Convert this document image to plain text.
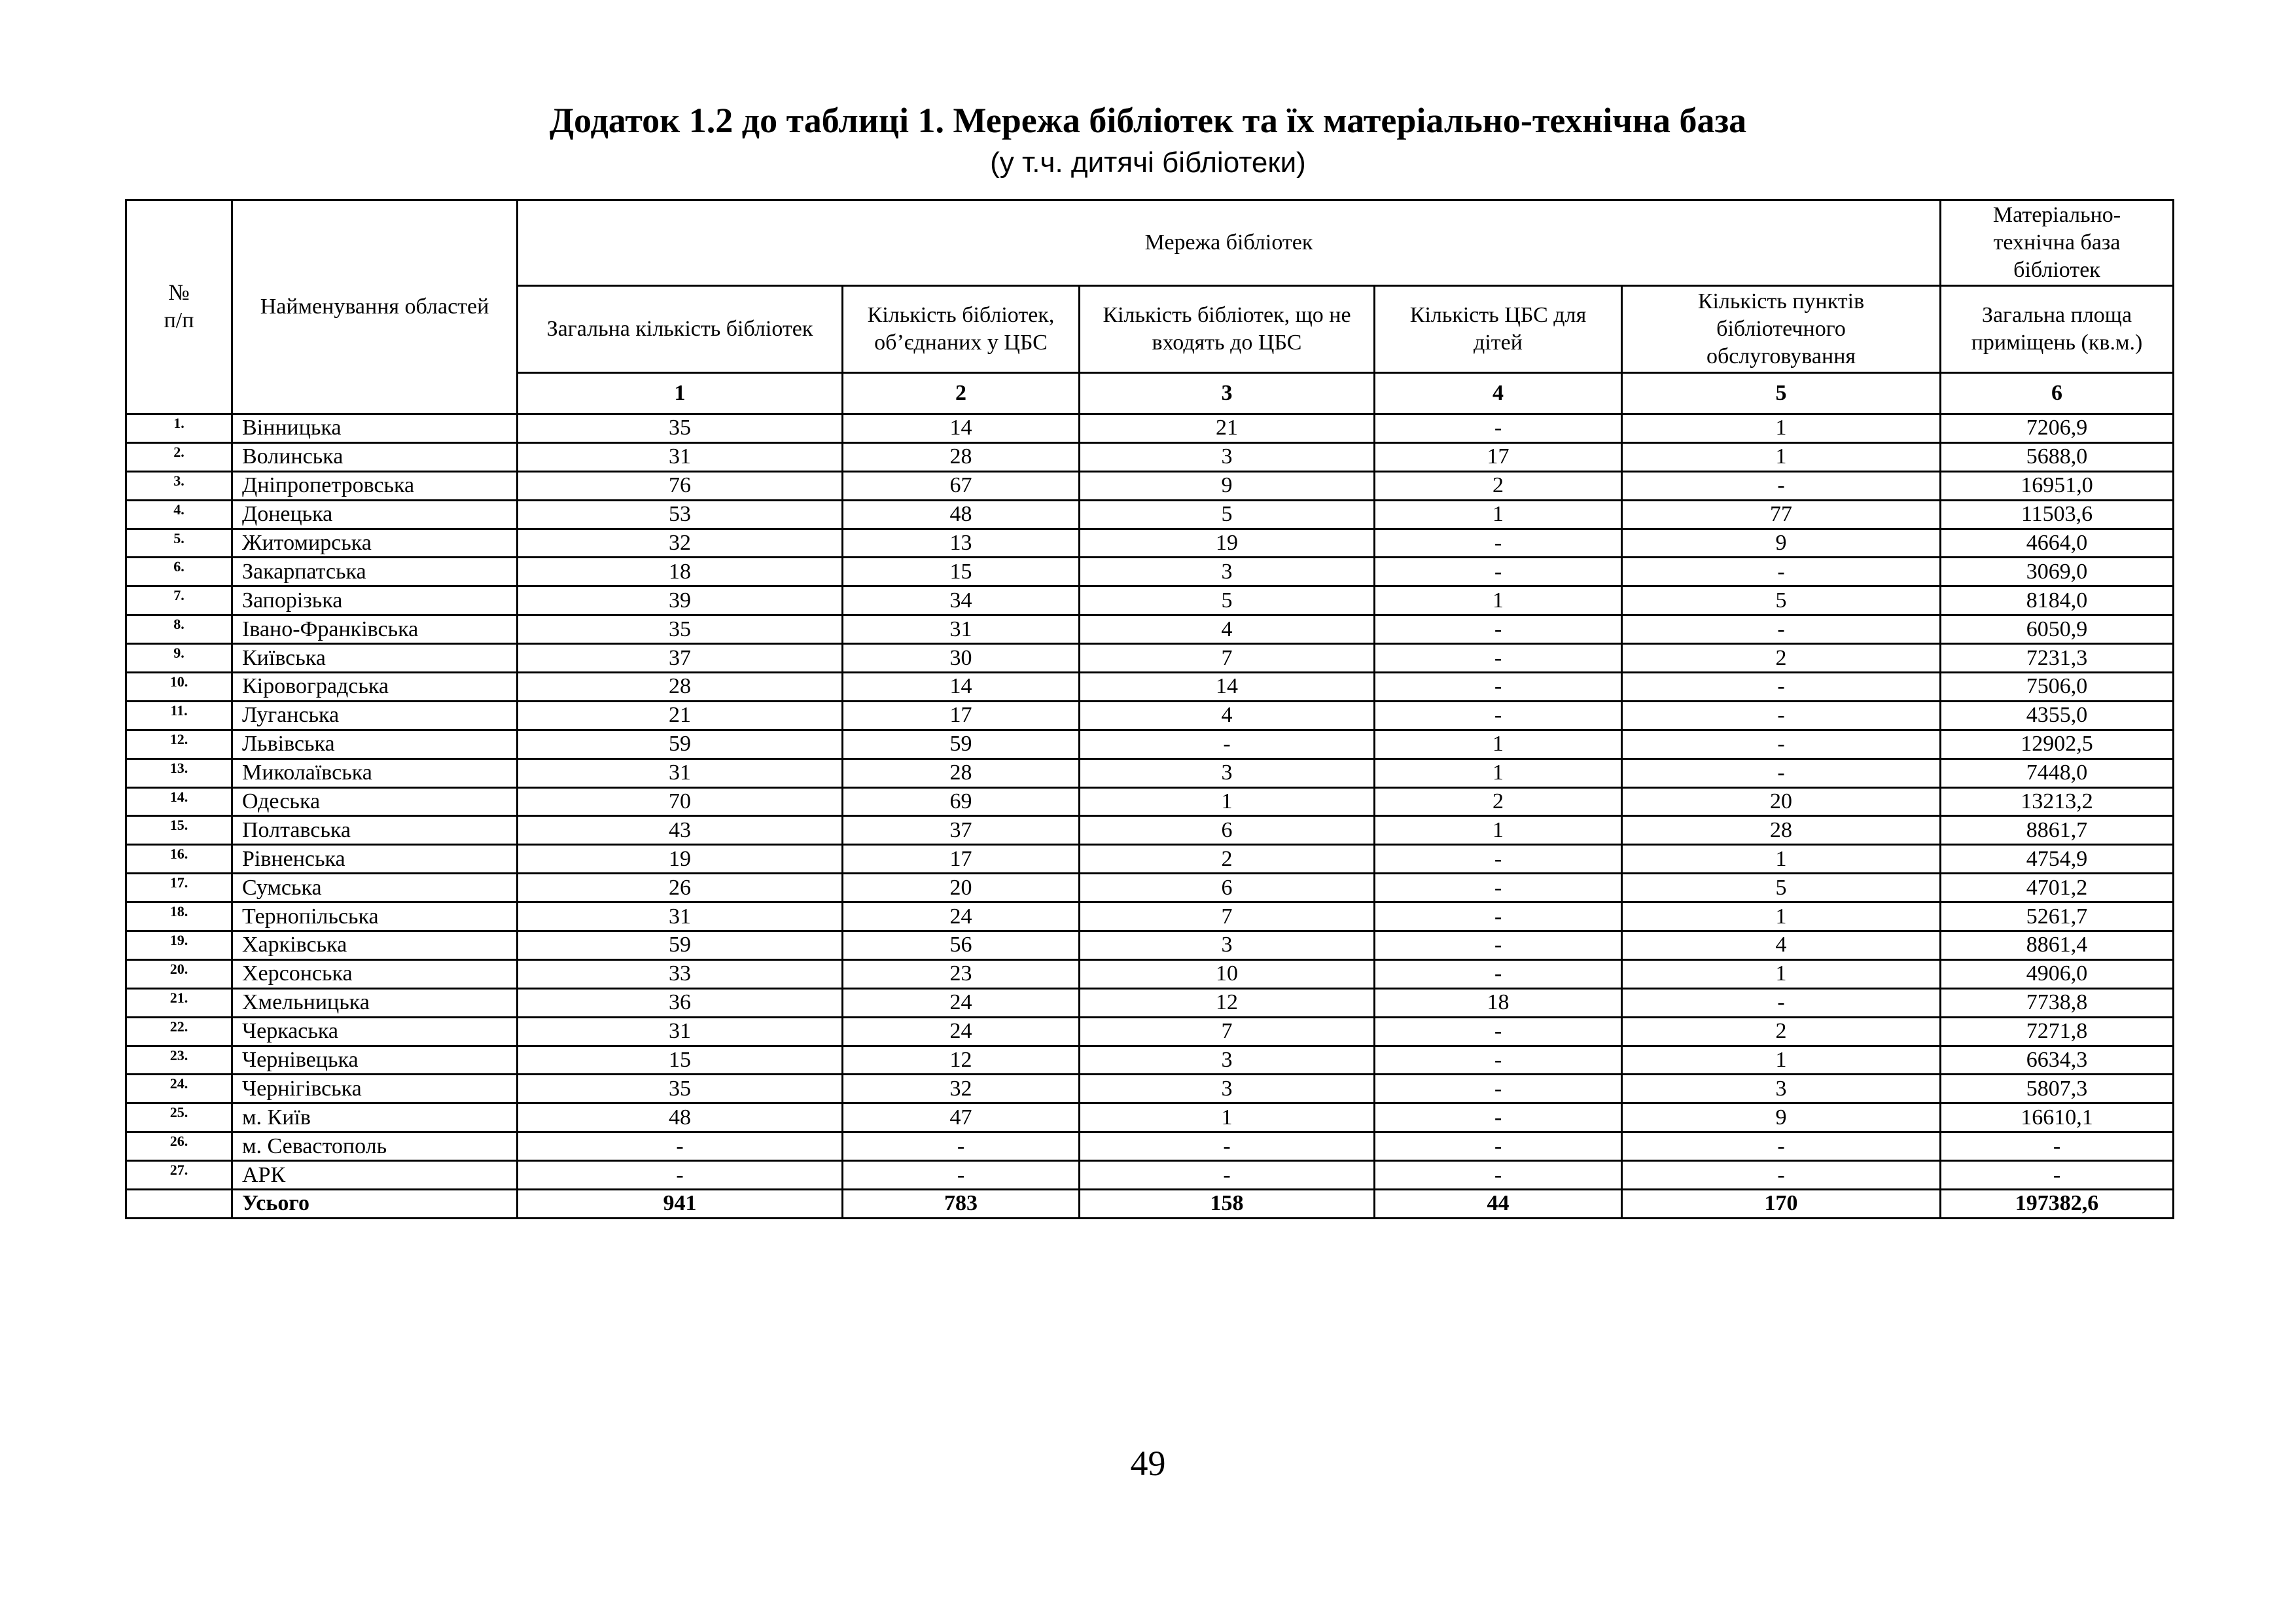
Додаток 1.2 до таблиці 1. Мережа бібліотек та їх матеріально-технічна база

(у т.ч. дитячі бібліотеки)

№
п/п	Найменування областей	Мережа бібліотек					Матеріально-технічна база бібліотек
		Загальна кількість бібліотек	Кількість бібліотек, об’єднаних у ЦБС	Кількість бібліотек, що не входять до ЦБС	Кількість ЦБС для дітей	Кількість пунктів бібліотечного обслуговування	Загальна площа приміщень (кв.м.)
		1	2	3	4	5	6
1.	Вінницька	35	14	21	-	1	7206,9
2.	Волинська	31	28	3	17	1	5688,0
3.	Дніпропетровська	76	67	9	2	-	16951,0
4.	Донецька	53	48	5	1	77	11503,6
5.	Житомирська	32	13	19	-	9	4664,0
6.	Закарпатська	18	15	3	-	-	3069,0
7.	Запорізька	39	34	5	1	5	8184,0
8.	Івано-Франківська	35	31	4	-	-	6050,9
9.	Київська	37	30	7	-	2	7231,3
10.	Кіровоградська	28	14	14	-	-	7506,0
11.	Луганська	21	17	4	-	-	4355,0
12.	Львівська	59	59	-	1	-	12902,5
13.	Миколаївська	31	28	3	1	-	7448,0
14.	Одеська	70	69	1	2	20	13213,2
15.	Полтавська	43	37	6	1	28	8861,7
16.	Рівненська	19	17	2	-	1	4754,9
17.	Сумська	26	20	6	-	5	4701,2
18.	Тернопільська	31	24	7	-	1	5261,7
19.	Харківська	59	56	3	-	4	8861,4
20.	Херсонська	33	23	10	-	1	4906,0
21.	Хмельницька	36	24	12	18	-	7738,8
22.	Черкаська	31	24	7	-	2	7271,8
23.	Чернівецька	15	12	3	-	1	6634,3
24.	Чернігівська	35	32	3	-	3	5807,3
25.	м. Київ	48	47	1	-	9	16610,1
26.	м. Севастополь	-	-	-	-	-	-
27.	АРК	-	-	-	-	-	-
	Усього	941	783	158	44	170	197382,6
49
